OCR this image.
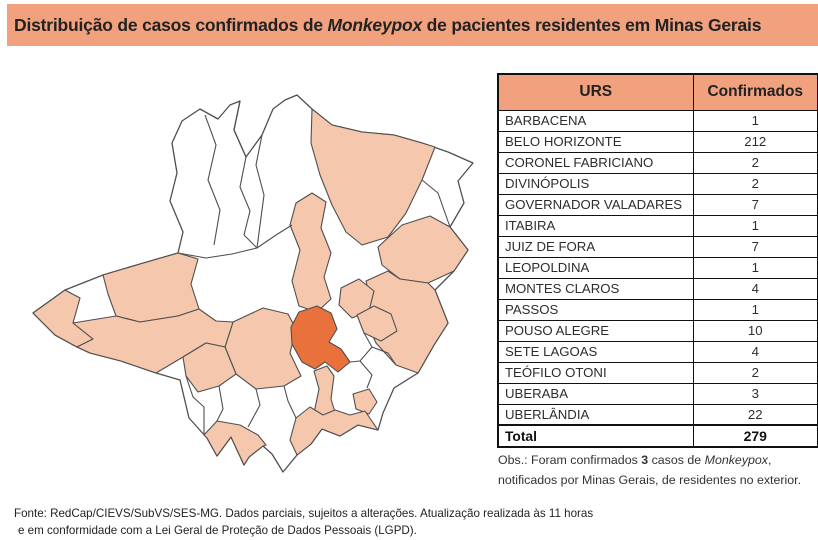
Distribuição de casos confirmados de Monkeypox de pacientes residentes em Minas Gerais
URS	Confirmados
BARBACENA	1
BELO HORIZONTE	212
CORONEL FABRICIANO	2
DIVINÓPOLIS	2
GOVERNADOR VALADARES	7
ITABIRA	1
JUIZ DE FORA	7
LEOPOLDINA	1
MONTES CLAROS	4
PASSOS	1
POUSO ALEGRE	10
SETE LAGOAS	4
TEÓFILO OTONI	2
UBERABA	3
UBERLÂNDIA	22
Total	279
Obs.: Foram confirmados 3 casos de Monkeypox, notificados por Minas Gerais, de residentes no exterior.
Fonte: RedCap/CIEVS/SubVS/SES-MG. Dados parciais, sujeitos a alterações. Atualização realizada às 11 horas
e em conformidade com a Lei Geral de Proteção de Dados Pessoais (LGPD).
